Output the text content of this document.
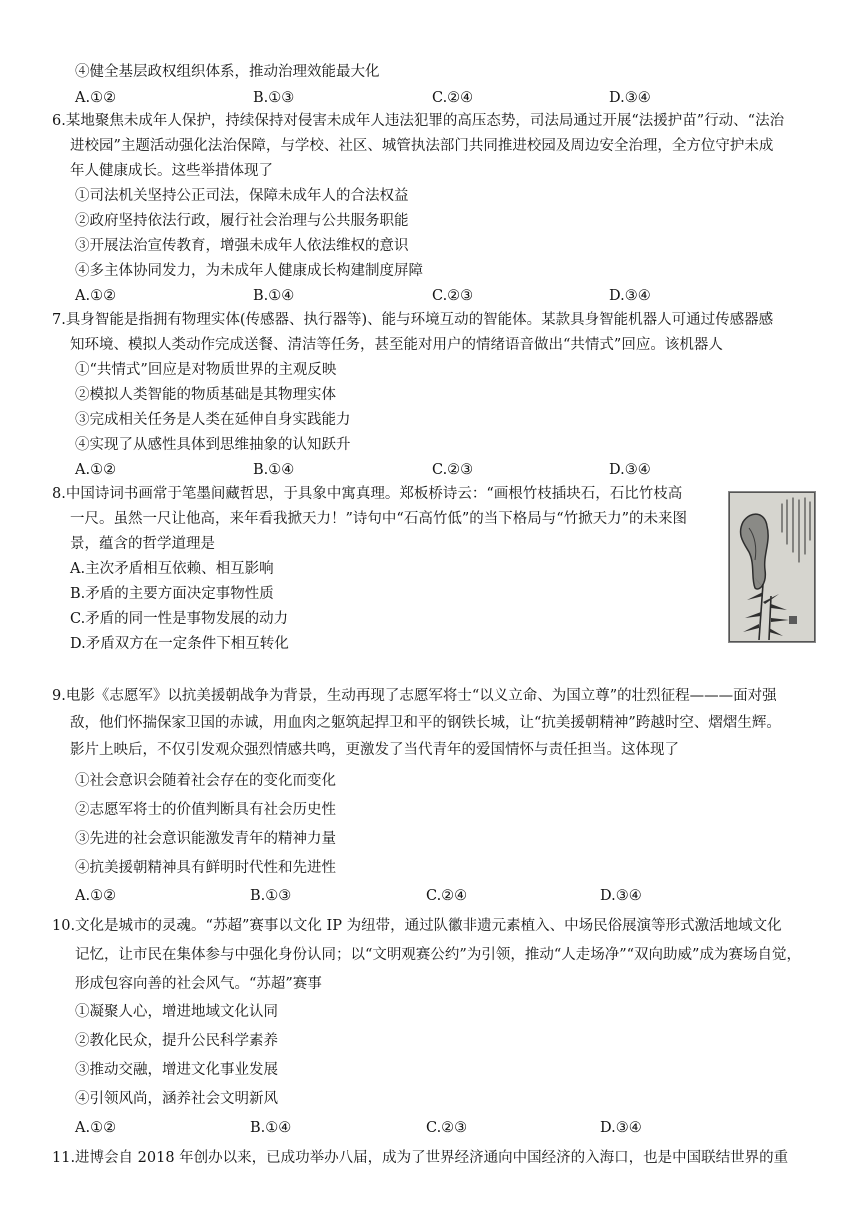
④健全基层政权组织体系，推动治理效能最大化
A.①②	B.①③	C.②④	D.③④
6.某地聚焦未成年人保护，持续保持对侵害未成年人违法犯罪的高压态势，司法局通过开展“法援护苗”行动、“法治
进校园”主题活动强化法治保障，与学校、社区、城管执法部门共同推进校园及周边安全治理，全方位守护未成
年人健康成长。这些举措体现了
①司法机关坚持公正司法，保障未成年人的合法权益
②政府坚持依法行政，履行社会治理与公共服务职能
③开展法治宣传教育，增强未成年人依法维权的意识
④多主体协同发力，为未成年人健康成长构建制度屏障
A.①②	B.①④	C.②③	D.③④
7.具身智能是指拥有物理实体(传感器、执行器等)、能与环境互动的智能体。某款具身智能机器人可通过传感器感
知环境、模拟人类动作完成送餐、清洁等任务，甚至能对用户的情绪语音做出“共情式”回应。该机器人
①“共情式”回应是对物质世界的主观反映
②模拟人类智能的物质基础是其物理实体
③完成相关任务是人类在延伸自身实践能力
④实现了从感性具体到思维抽象的认知跃升
A.①②	B.①④	C.②③	D.③④
8.中国诗词书画常于笔墨间藏哲思，于具象中寓真理。郑板桥诗云：“画根竹枝插块石，石比竹枝高
一尺。虽然一尺让他高，来年看我掀天力！”诗句中“石高竹低”的当下格局与“竹掀天力”的未来图
景，蕴含的哲学道理是
A.主次矛盾相互依赖、相互影响
B.矛盾的主要方面决定事物性质
C.矛盾的同一性是事物发展的动力
D.矛盾双方在一定条件下相互转化
9.电影《志愿军》以抗美援朝战争为背景，生动再现了志愿军将士“以义立命、为国立尊”的壮烈征程———面对强
敌，他们怀揣保家卫国的赤诚，用血肉之躯筑起捍卫和平的钢铁长城，让“抗美援朝精神”跨越时空、熠熠生辉。
影片上映后，不仅引发观众强烈情感共鸣，更激发了当代青年的爱国情怀与责任担当。这体现了
①社会意识会随着社会存在的变化而变化
②志愿军将士的价值判断具有社会历史性
③先进的社会意识能激发青年的精神力量
④抗美援朝精神具有鲜明时代性和先进性
A.①②	B.①③	C.②④	D.③④
10.文化是城市的灵魂。“苏超”赛事以文化 IP 为纽带，通过队徽非遗元素植入、中场民俗展演等形式激活地域文化
记忆，让市民在集体参与中强化身份认同；以“文明观赛公约”为引领，推动“人走场净”“双向助威”成为赛场自觉，
形成包容向善的社会风气。“苏超”赛事
①凝聚人心，增进地域文化认同
②教化民众，提升公民科学素养
③推动交融，增进文化事业发展
④引领风尚，涵养社会文明新风
A.①②	B.①④	C.②③	D.③④
11.进博会自 2018 年创办以来，已成功举办八届，成为了世界经济通向中国经济的入海口，也是中国联结世界的重
